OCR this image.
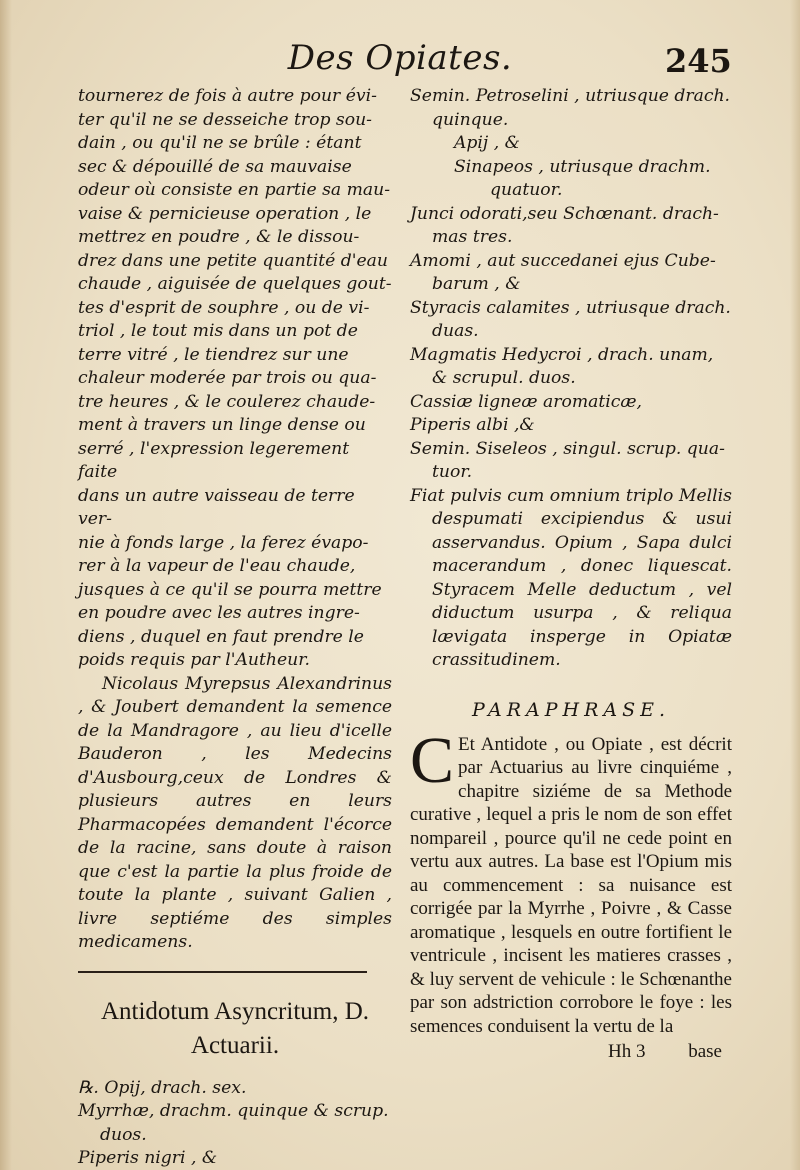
Des Opiates.	245

tournerez de fois à autre pour évi-

ter qu'il ne se desseiche trop sou-

dain , ou qu'il ne se brûle : étant

sec & dépouillé de sa mauvaise

odeur où consiste en partie sa mau-

vaise & pernicieuse operation , le

mettrez en poudre , & le dissou-

drez dans une petite quantité d'eau

chaude , aiguisée de quelques gout-

tes d'esprit de souphre , ou de vi-

triol , le tout mis dans un pot de

terre vitré , le tiendrez sur une

chaleur moderée par trois ou qua-

tre heures , & le coulerez chaude-

ment à travers un linge dense ou

serré , l'expression legerement faite

dans un autre vaisseau de terre ver-

nie à fonds large , la ferez évapo-

rer à la vapeur de l'eau chaude,

jusques à ce qu'il se pourra mettre

en poudre avec les autres ingre-

diens , duquel en faut prendre le

poids requis par l'Autheur.

Nicolaus Myrepsus Alexandrinus , & Joubert demandent la semence de la Mandragore , au lieu d'icelle Bauderon , les Medecins d'Ausbourg,ceux de Londres & plusieurs autres en leurs Pharmacopées demandent l'écorce de la racine, sans doute à raison que c'est la partie la plus froide de toute la plante , suivant Galien , livre septiéme des simples medicamens.

Antidotum Asyncritum, D. Actuarii.

℞. Opij, drach. sex.

Myrrhæ, drachm. quinque & scrup.

duos.

Piperis nigri , &

Semin. Petroselini , utriusque drach.

quinque.

Apij , &

Sinapeos , utriusque drachm.

quatuor.

Junci odorati,seu Schœnant. drach-

mas tres.

Amomi , aut succedanei ejus Cube-

barum , &

Styracis calamites , utriusque drach.

duas.

Magmatis Hedycroi , drach. unam,

& scrupul. duos.

Cassiæ ligneæ aromaticæ,

Piperis albi ,&

Semin. Siseleos , singul. scrup. qua-

tuor.

Fiat pulvis cum omnium triplo Mellis despumati excipiendus & usui asservandus. Opium , Sapa dulci macerandum , donec liquescat. Styracem Melle deductum , vel diductum usurpa , & reliqua lævigata insperge in Opiatæ crassitudinem.

PARAPHRASE.
C Et Antidote , ou Opiate , est décrit par Actuarius au livre cinquiéme , chapitre siziéme de sa Methode curative , lequel a pris le nom de son effet nompareil , pource qu'il ne cede point en vertu aux autres. La base est l'Opium mis au commencement : sa nuisance est corrigée par la Myrrhe , Poivre , & Casse aromatique , lesquels en outre fortifient le ventricule , incisent les matieres crasses , & luy servent de vehicule : le Schœnanthe par son adstriction corrobore le foye : les semences conduisent la vertu de la

Hh 3 base
